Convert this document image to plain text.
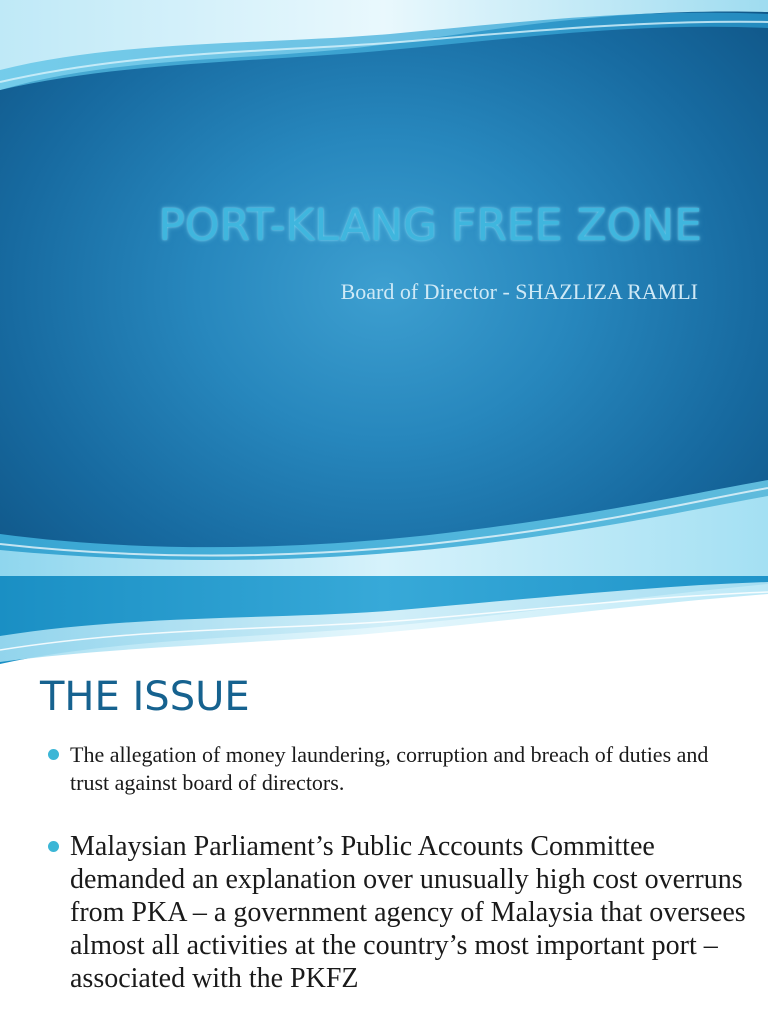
PORT-KLANG FREE ZONE
Board of Director - SHAZLIZA RAMLI
THE ISSUE
The allegation of money laundering, corruption and breach of duties and trust against board of directors.
Malaysian Parliament’s Public Accounts Committee demanded an explanation over unusually high cost overruns from PKA – a government agency of Malaysia that oversees almost all activities at the country’s most important port – associated with the PKFZ
